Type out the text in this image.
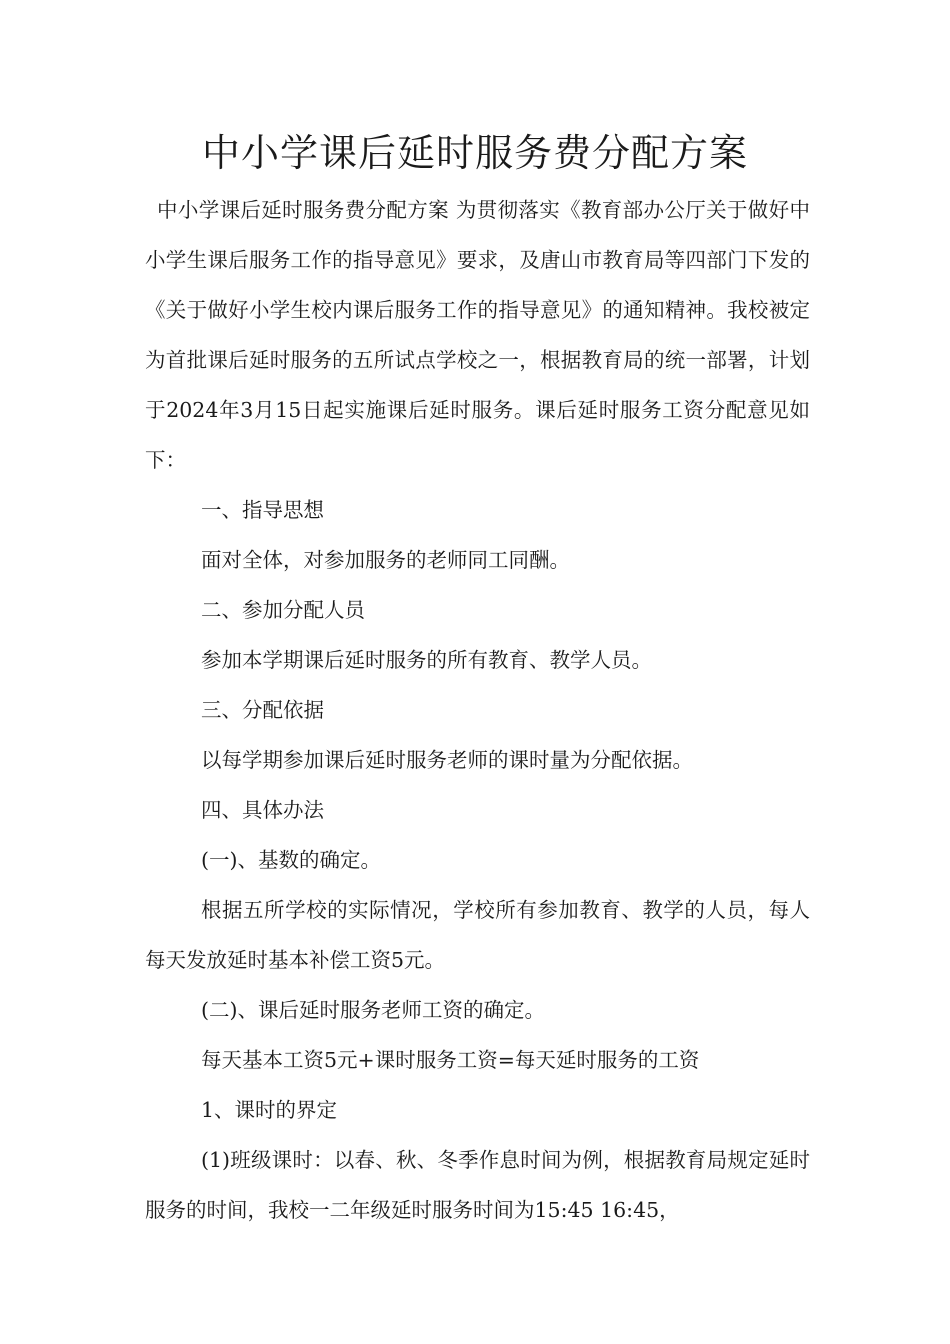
中小学课后延时服务费分配方案

中小学课后延时服务费分配方案 为贯彻落实《教育部办公厅关于做好中小学生课后服务工作的指导意见》要求，及唐山市教育局等四部门下发的《关于做好小学生校内课后服务工作的指导意见》的通知精神。我校被定为首批课后延时服务的五所试点学校之一，根据教育局的统一部署，计划于2024年3月15日起实施课后延时服务。课后延时服务工资分配意见如下：

一、指导思想

面对全体，对参加服务的老师同工同酬。

二、参加分配人员

参加本学期课后延时服务的所有教育、教学人员。

三、分配依据

以每学期参加课后延时服务老师的课时量为分配依据。

四、具体办法

(一)、基数的确定。

根据五所学校的实际情况，学校所有参加教育、教学的人员，每人每天发放延时基本补偿工资5元。

(二)、课后延时服务老师工资的确定。

每天基本工资5元+课时服务工资=每天延时服务的工资

1、课时的界定

(1)班级课时：以春、秋、冬季作息时间为例，根据教育局规定延时服务的时间，我校一二年级延时服务时间为15:45 16:45，
